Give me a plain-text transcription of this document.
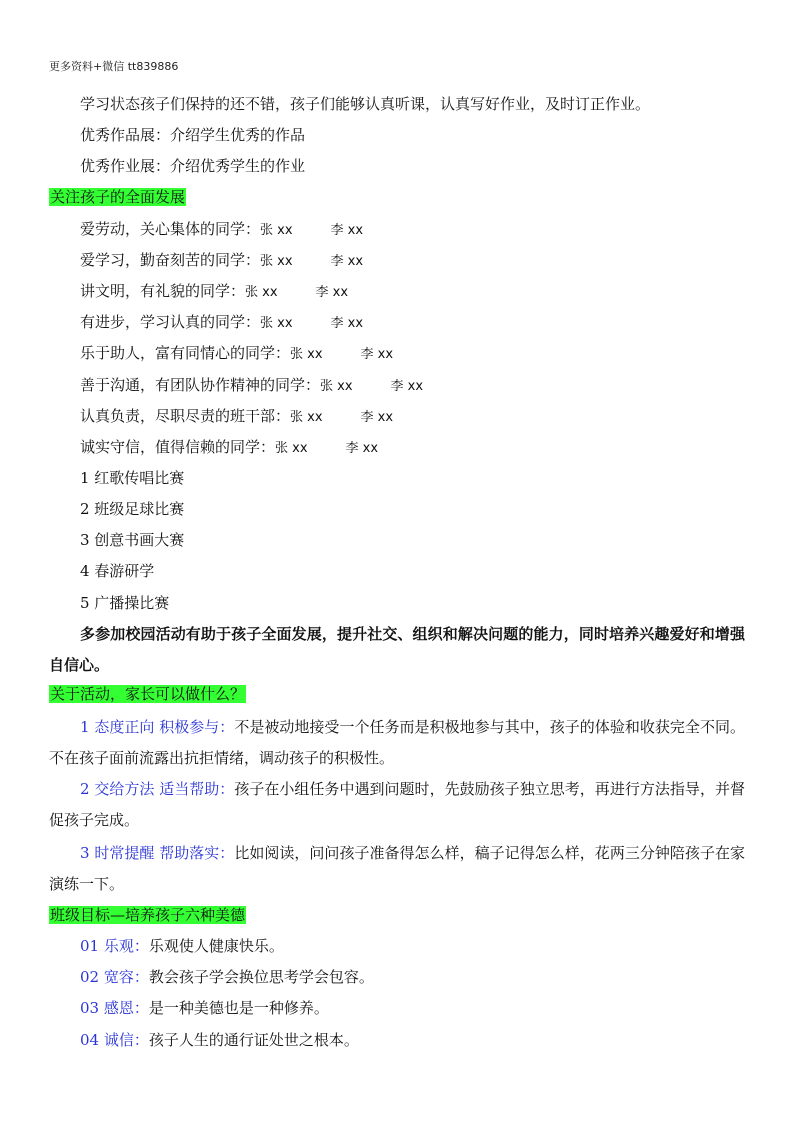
更多资料+微信 tt839886
学习状态孩子们保持的还不错，孩子们能够认真听课，认真写好作业，及时订正作业。
优秀作品展：介绍学生优秀的作品
优秀作业展：介绍优秀学生的作业
关注孩子的全面发展
爱劳动，关心集体的同学：张 xx	李 xx
爱学习，勤奋刻苦的同学：张 xx	李 xx
讲文明，有礼貌的同学：张 xx	李 xx
有进步，学习认真的同学：张 xx	李 xx
乐于助人，富有同情心的同学：张 xx	李 xx
善于沟通，有团队协作精神的同学：张 xx	李 xx
认真负责，尽职尽责的班干部：张 xx	李 xx
诚实守信，值得信赖的同学：张 xx	李 xx
1 红歌传唱比赛
2 班级足球比赛
3 创意书画大赛
4 春游研学
5 广播操比赛

多参加校园活动有助于孩子全面发展，提升社交、组织和解决问题的能力，同时培养兴趣爱好和增强自信心。

关于活动，家长可以做什么？

1 态度正向 积极参与：不是被动地接受一个任务而是积极地参与其中，孩子的体验和收获完全不同。不在孩子面前流露出抗拒情绪，调动孩子的积极性。

2 交给方法 适当帮助：孩子在小组任务中遇到问题时，先鼓励孩子独立思考，再进行方法指导，并督促孩子完成。

3 时常提醒 帮助落实：比如阅读，问问孩子准备得怎么样，稿子记得怎么样，花两三分钟陪孩子在家演练一下。

班级目标—培养孩子六种美德
01 乐观：乐观使人健康快乐。
02 宽容：教会孩子学会换位思考学会包容。
03 感恩：是一种美德也是一种修养。
04 诚信：孩子人生的通行证处世之根本。
